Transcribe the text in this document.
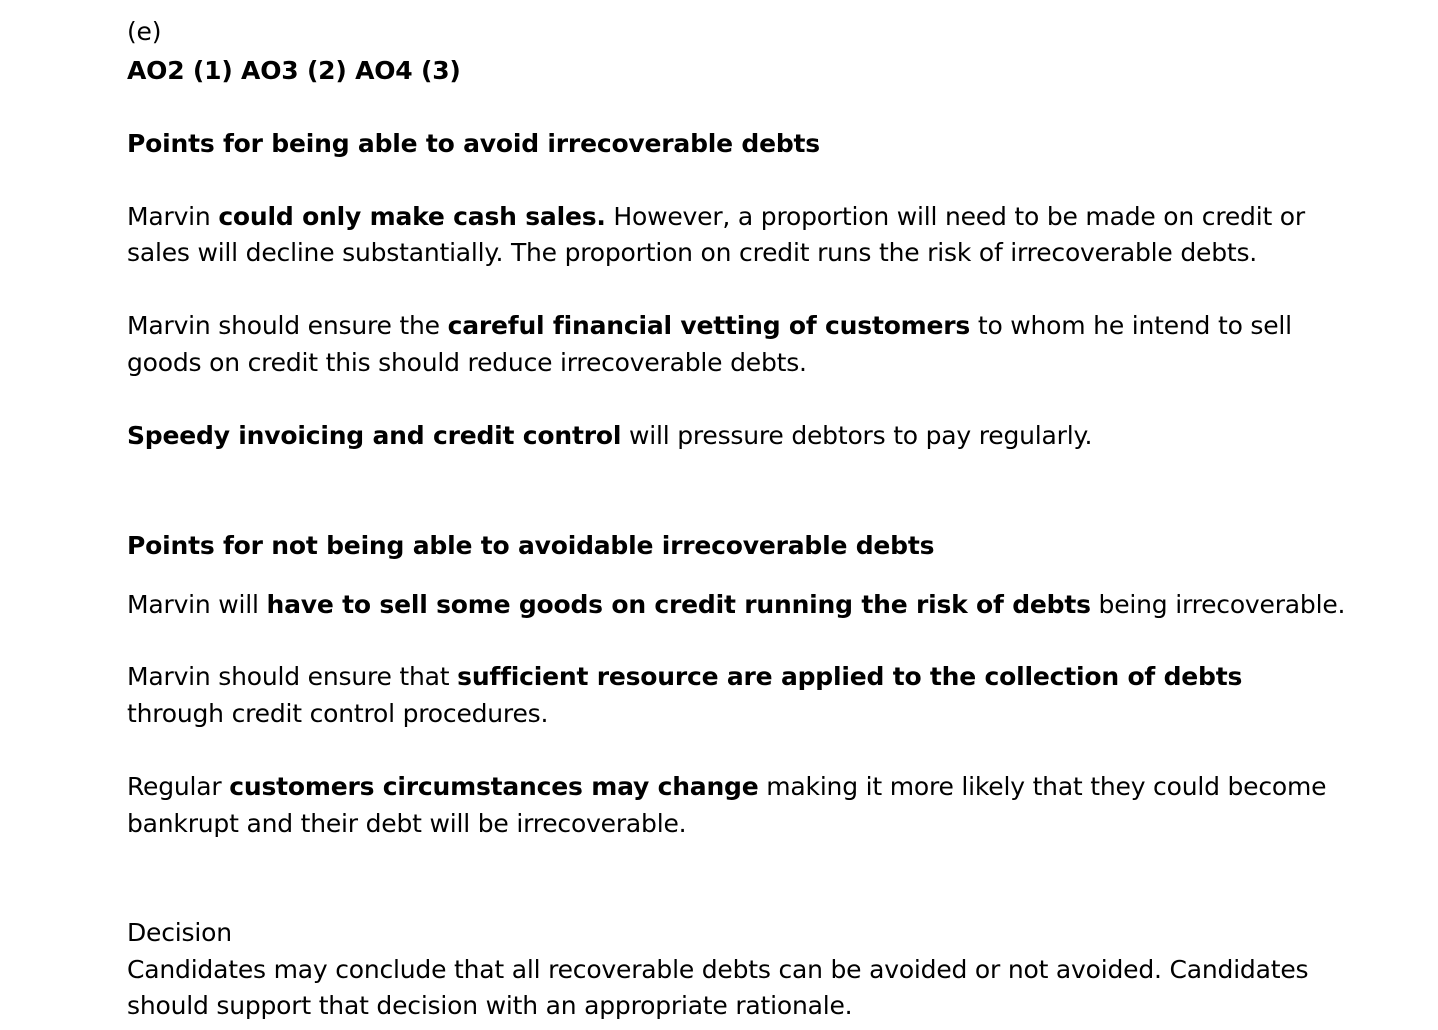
(e)
AO2 (1) AO3 (2) AO4 (3)
Points for being able to avoid irrecoverable debts
Marvin could only make cash sales. However, a proportion will need to be made on credit or
sales will decline substantially. The proportion on credit runs the risk of irrecoverable debts.
Marvin should ensure the careful financial vetting of customers to whom he intend to sell
goods on credit this should reduce irrecoverable debts.
Speedy invoicing and credit control will pressure debtors to pay regularly.
Points for not being able to avoidable irrecoverable debts
Marvin will have to sell some goods on credit running the risk of debts being irrecoverable.
Marvin should ensure that sufficient resource are applied to the collection of debts
through credit control procedures.
Regular customers circumstances may change making it more likely that they could become
bankrupt and their debt will be irrecoverable.
Decision
Candidates may conclude that all recoverable debts can be avoided or not avoided. Candidates
should support that decision with an appropriate rationale.
